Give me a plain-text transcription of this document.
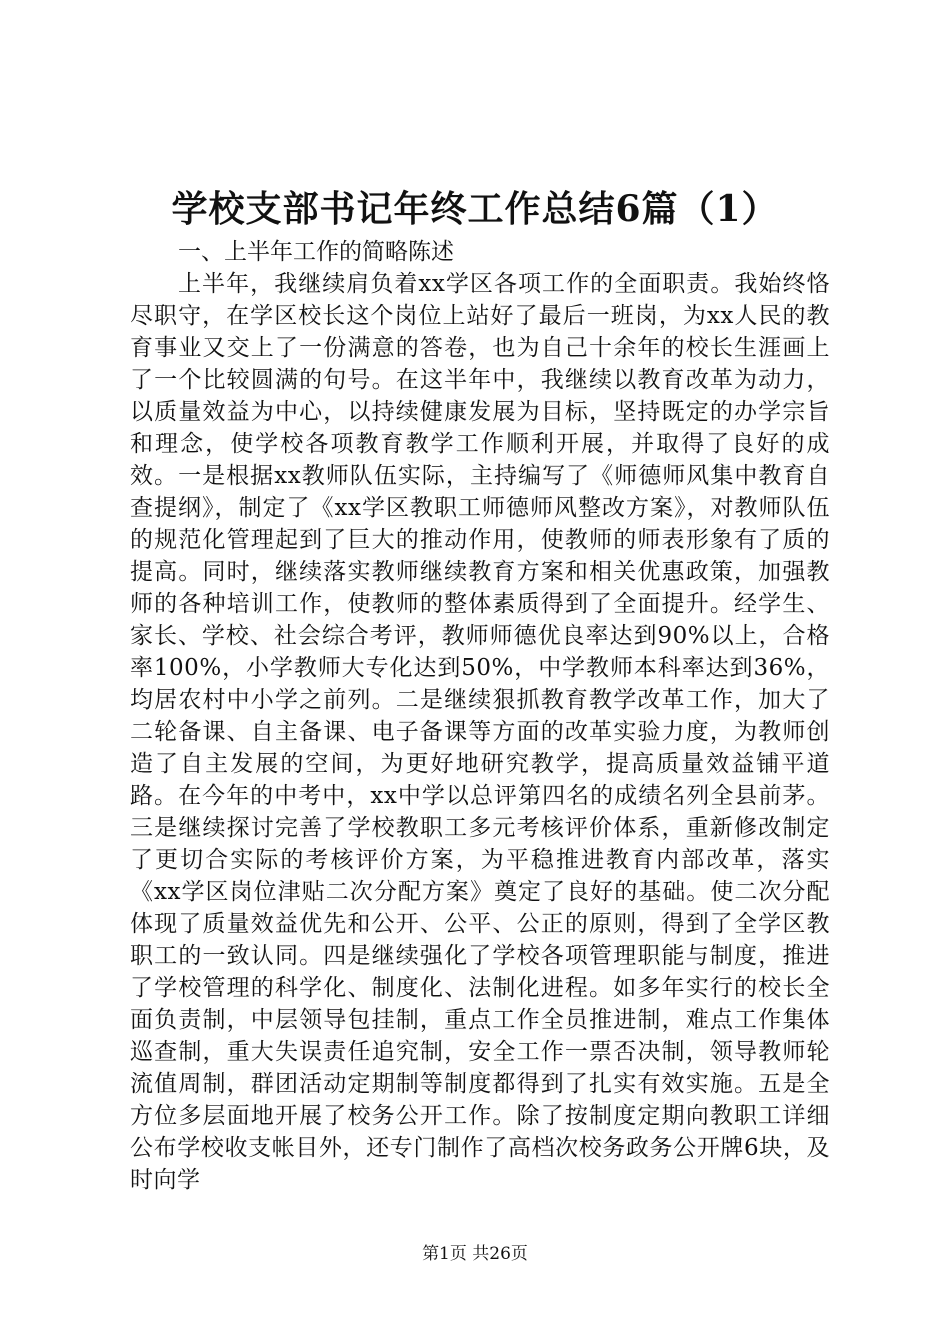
学校支部书记年终工作总结6篇（1）

一、上半年工作的简略陈述

上半年，我继续肩负着xx学区各项工作的全面职责。我始终恪尽职守，在学区校长这个岗位上站好了最后一班岗，为xx人民的教育事业又交上了一份满意的答卷，也为自己十余年的校长生涯画上了一个比较圆满的句号。在这半年中，我继续以教育改革为动力，以质量效益为中心，以持续健康发展为目标，坚持既定的办学宗旨和理念，使学校各项教育教学工作顺利开展，并取得了良好的成效。一是根据xx教师队伍实际，主持编写了《师德师风集中教育自查提纲》，制定了《xx学区教职工师德师风整改方案》，对教师队伍的规范化管理起到了巨大的推动作用，使教师的师表形象有了质的提高。同时，继续落实教师继续教育方案和相关优惠政策，加强教师的各种培训工作，使教师的整体素质得到了全面提升。经学生、家长、学校、社会综合考评，教师师德优良率达到90%以上，合格率100%，小学教师大专化达到50%，中学教师本科率达到36%，均居农村中小学之前列。二是继续狠抓教育教学改革工作，加大了二轮备课、自主备课、电子备课等方面的改革实验力度，为教师创造了自主发展的空间，为更好地研究教学，提高质量效益铺平道路。在今年的中考中，xx中学以总评第四名的成绩名列全县前茅。三是继续探讨完善了学校教职工多元考核评价体系，重新修改制定了更切合实际的考核评价方案，为平稳推进教育内部改革，落实《xx学区岗位津贴二次分配方案》奠定了良好的基础。使二次分配体现了质量效益优先和公开、公平、公正的原则，得到了全学区教职工的一致认同。四是继续强化了学校各项管理职能与制度，推进了学校管理的科学化、制度化、法制化进程。如多年实行的校长全面负责制，中层领导包挂制，重点工作全员推进制，难点工作集体巡查制，重大失误责任追究制，安全工作一票否决制，领导教师轮流值周制，群团活动定期制等制度都得到了扎实有效实施。五是全方位多层面地开展了校务公开工作。除了按制度定期向教职工详细公布学校收支帐目外，还专门制作了高档次校务政务公开牌6块，及时向学

第1页 共26页
